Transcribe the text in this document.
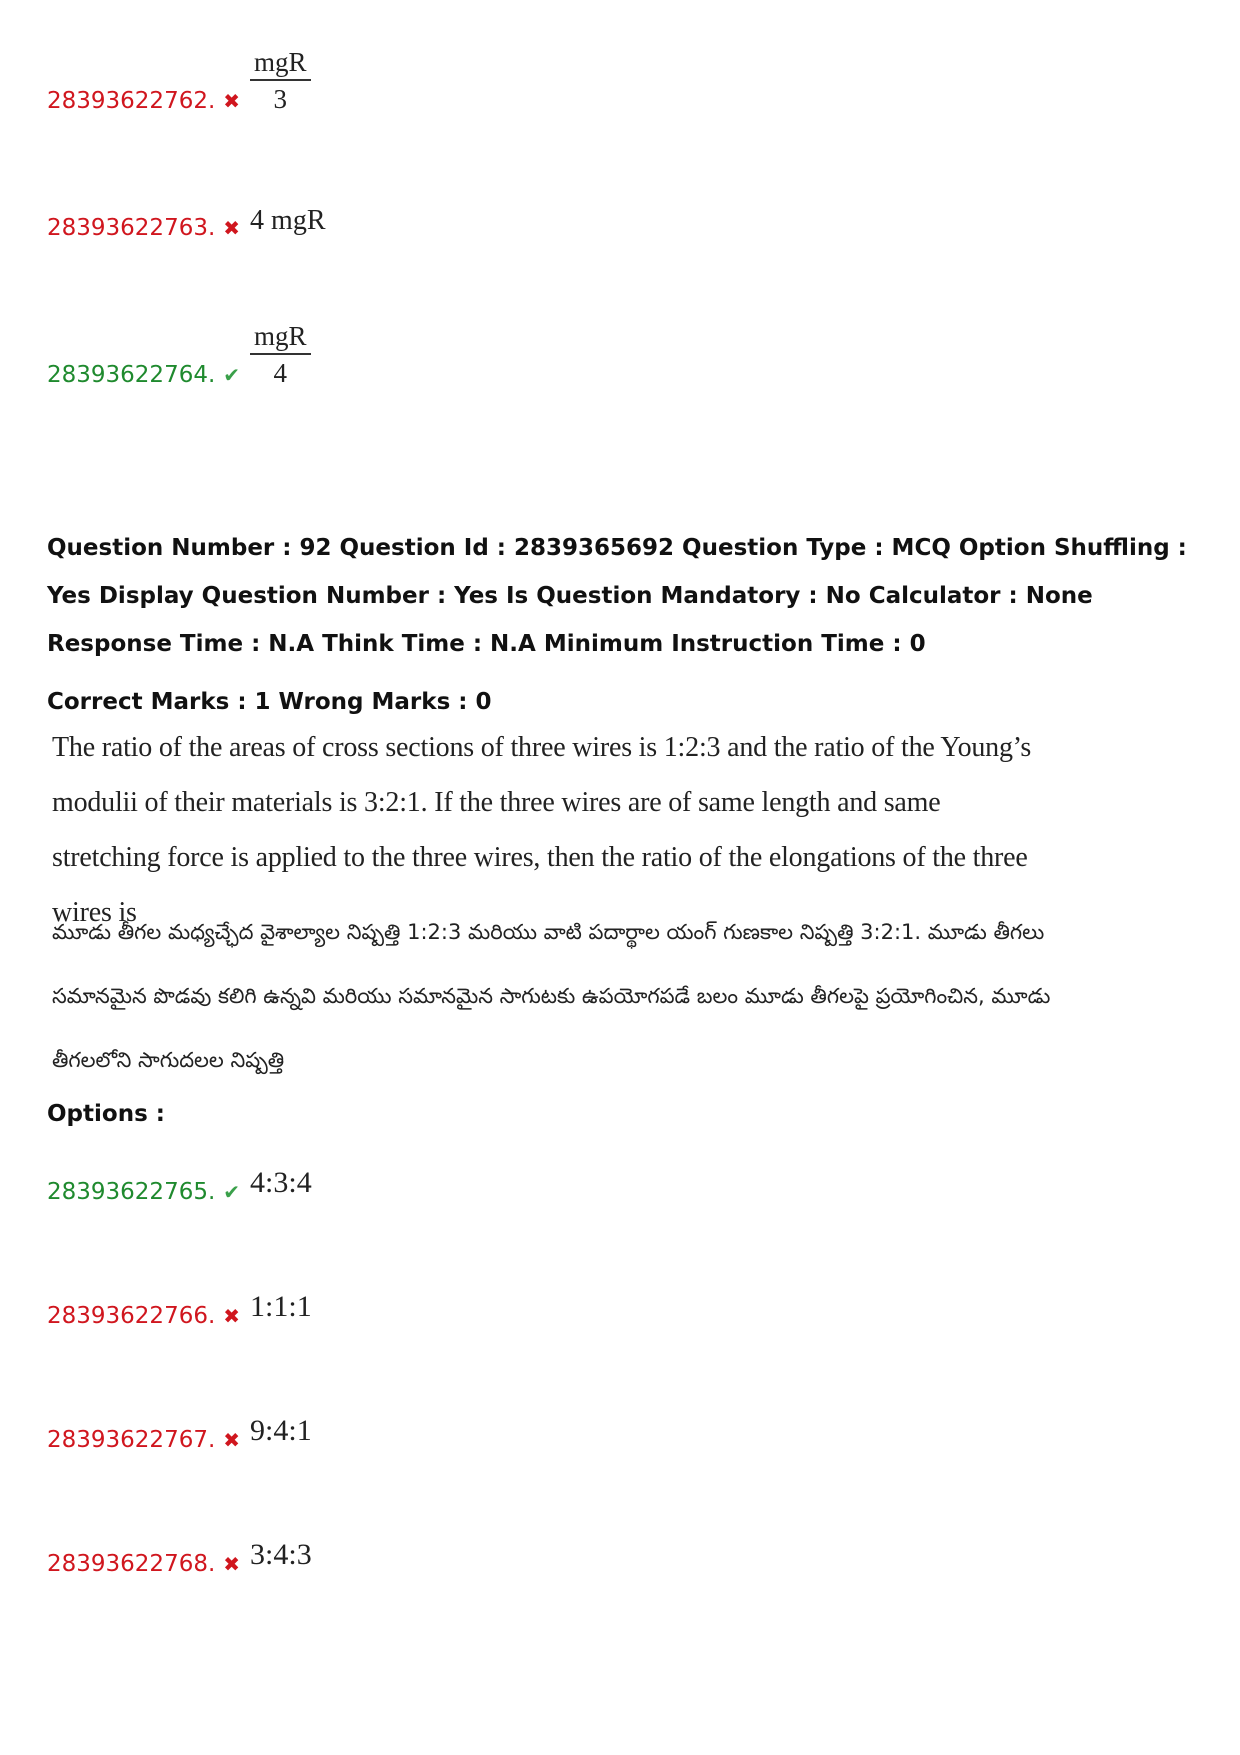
28393622762. ✖ $\frac{\text{mgR}}{3}$
28393622763. ✖ 4 mgR
28393622764. ✔ $\frac{\text{mgR}}{4}$

Question Number : 92 Question Id : 2839365692 Question Type : MCQ Option Shuffling : Yes Display Question Number : Yes Is Question Mandatory : No Calculator : None Response Time : N.A Think Time : N.A Minimum Instruction Time : 0

Correct Marks : 1 Wrong Marks : 0

The ratio of the areas of cross sections of three wires is 1:2:3 and the ratio of the Young’s modulii of their materials is 3:2:1. If the three wires are of same length and same stretching force is applied to the three wires, then the ratio of the elongations of the three wires is

మూడు తీగల మధ్యచ్ఛేద వైశాల్యాల నిష్పత్తి 1:2:3 మరియు వాటి పదార్థాల యంగ్ గుణకాల నిష్పత్తి 3:2:1. మూడు తీగలు సమానమైన పొడవు కలిగి ఉన్నవి మరియు సమానమైన సాగుటకు ఉపయోగపడే బలం మూడు తీగలపై ప్రయోగించిన, మూడు తీగలలోని సాగుదలల నిష్పత్తి

Options :

28393622765. ✔ 4:3:4
28393622766. ✖ 1:1:1
28393622767. ✖ 9:4:1
28393622768. ✖ 3:4:3
